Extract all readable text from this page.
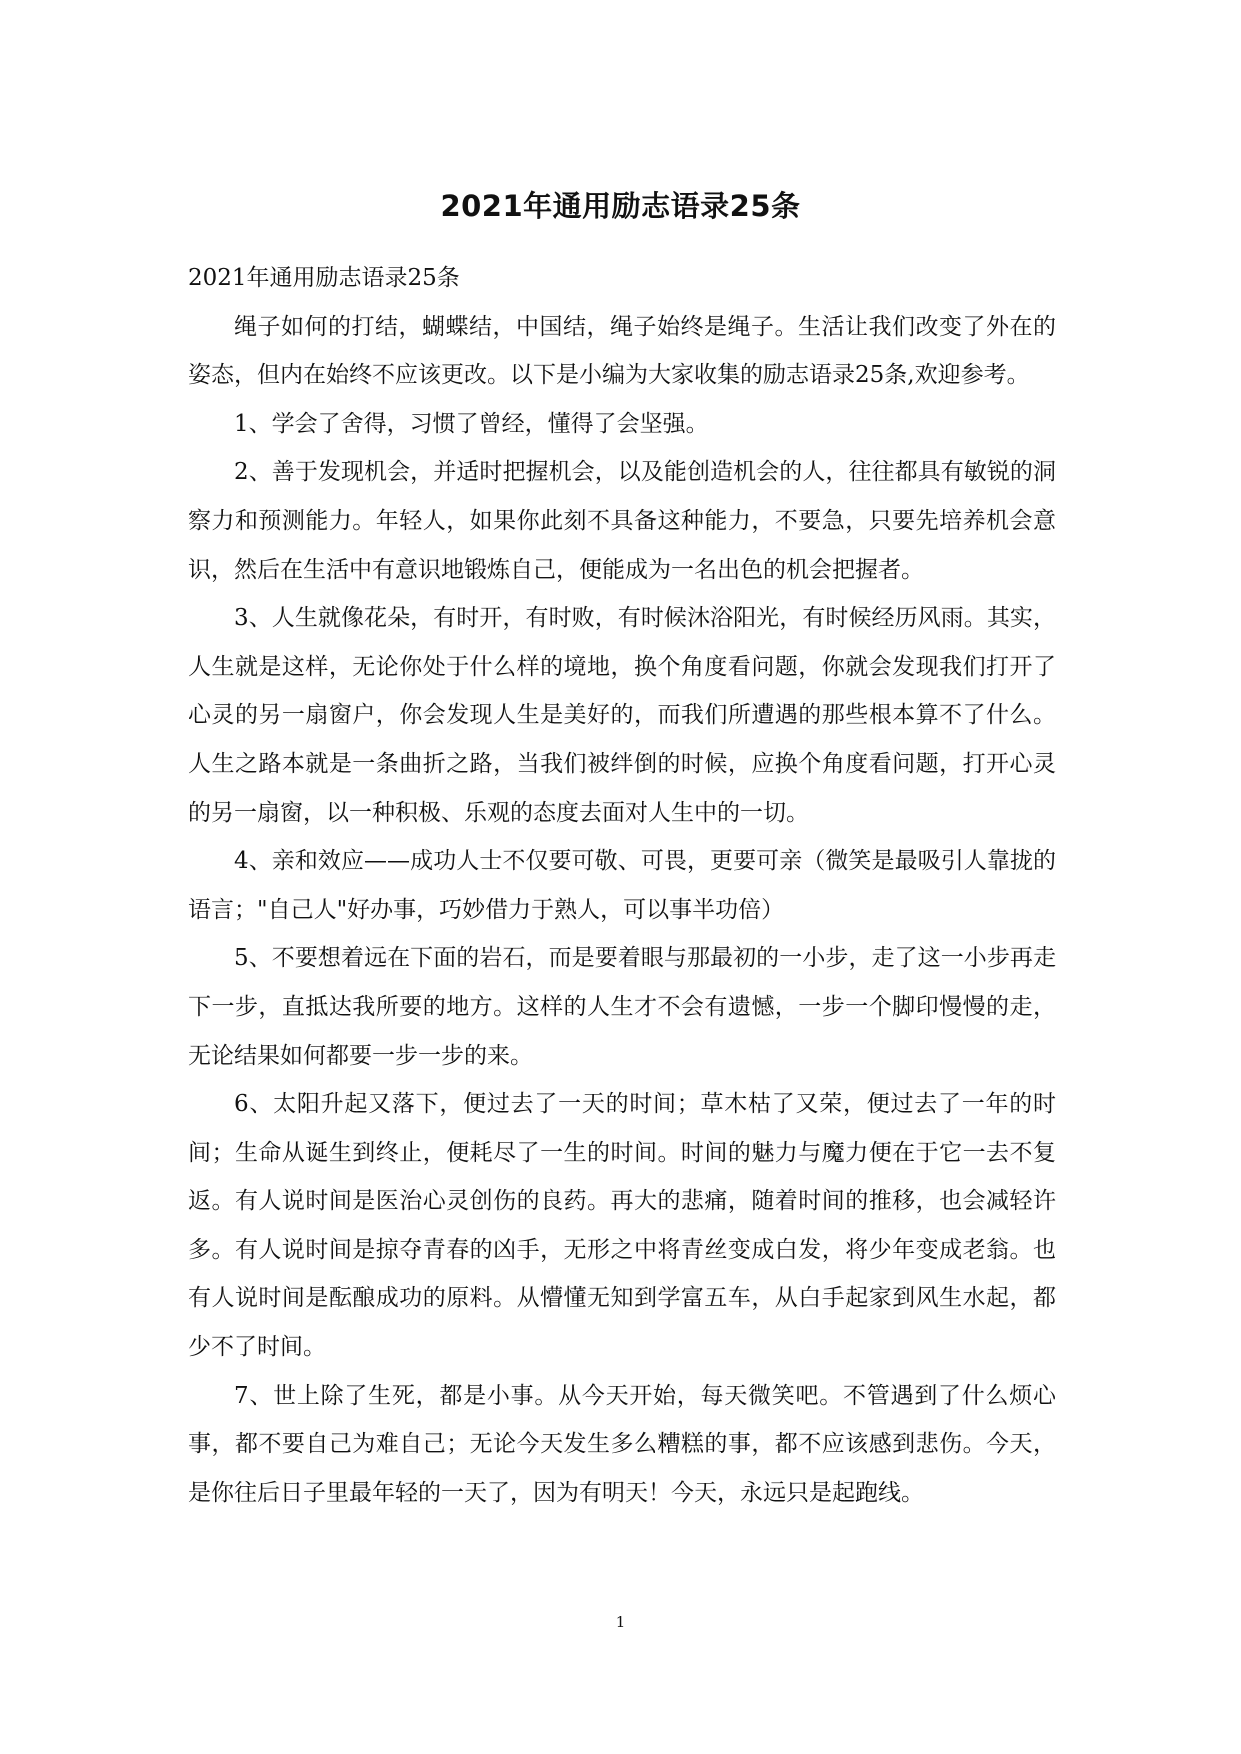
2021年通用励志语录25条

2021年通用励志语录25条

绳子如何的打结，蝴蝶结，中国结，绳子始终是绳子。生活让我们改变了外在的姿态，但内在始终不应该更改。以下是小编为大家收集的励志语录25条,欢迎参考。

1、学会了舍得，习惯了曾经，懂得了会坚强。

2、善于发现机会，并适时把握机会，以及能创造机会的人，往往都具有敏锐的洞察力和预测能力。年轻人，如果你此刻不具备这种能力，不要急，只要先培养机会意识，然后在生活中有意识地锻炼自己，便能成为一名出色的机会把握者。

3、人生就像花朵，有时开，有时败，有时候沐浴阳光，有时候经历风雨。其实，人生就是这样，无论你处于什么样的境地，换个角度看问题，你就会发现我们打开了心灵的另一扇窗户，你会发现人生是美好的，而我们所遭遇的那些根本算不了什么。人生之路本就是一条曲折之路，当我们被绊倒的时候，应换个角度看问题，打开心灵的另一扇窗，以一种积极、乐观的态度去面对人生中的一切。

4、亲和效应——成功人士不仅要可敬、可畏，更要可亲（微笑是最吸引人靠拢的语言；"自己人"好办事，巧妙借力于熟人，可以事半功倍）

5、不要想着远在下面的岩石，而是要着眼与那最初的一小步，走了这一小步再走下一步，直抵达我所要的地方。这样的人生才不会有遗憾，一步一个脚印慢慢的走，无论结果如何都要一步一步的来。

6、太阳升起又落下，便过去了一天的时间；草木枯了又荣，便过去了一年的时间；生命从诞生到终止，便耗尽了一生的时间。时间的魅力与魔力便在于它一去不复返。有人说时间是医治心灵创伤的良药。再大的悲痛，随着时间的推移，也会减轻许多。有人说时间是掠夺青春的凶手，无形之中将青丝变成白发，将少年变成老翁。也有人说时间是酝酿成功的原料。从懵懂无知到学富五车，从白手起家到风生水起，都少不了时间。

7、世上除了生死，都是小事。从今天开始，每天微笑吧。不管遇到了什么烦心事，都不要自己为难自己；无论今天发生多么糟糕的事，都不应该感到悲伤。今天，是你往后日子里最年轻的一天了，因为有明天！今天，永远只是起跑线。

1
